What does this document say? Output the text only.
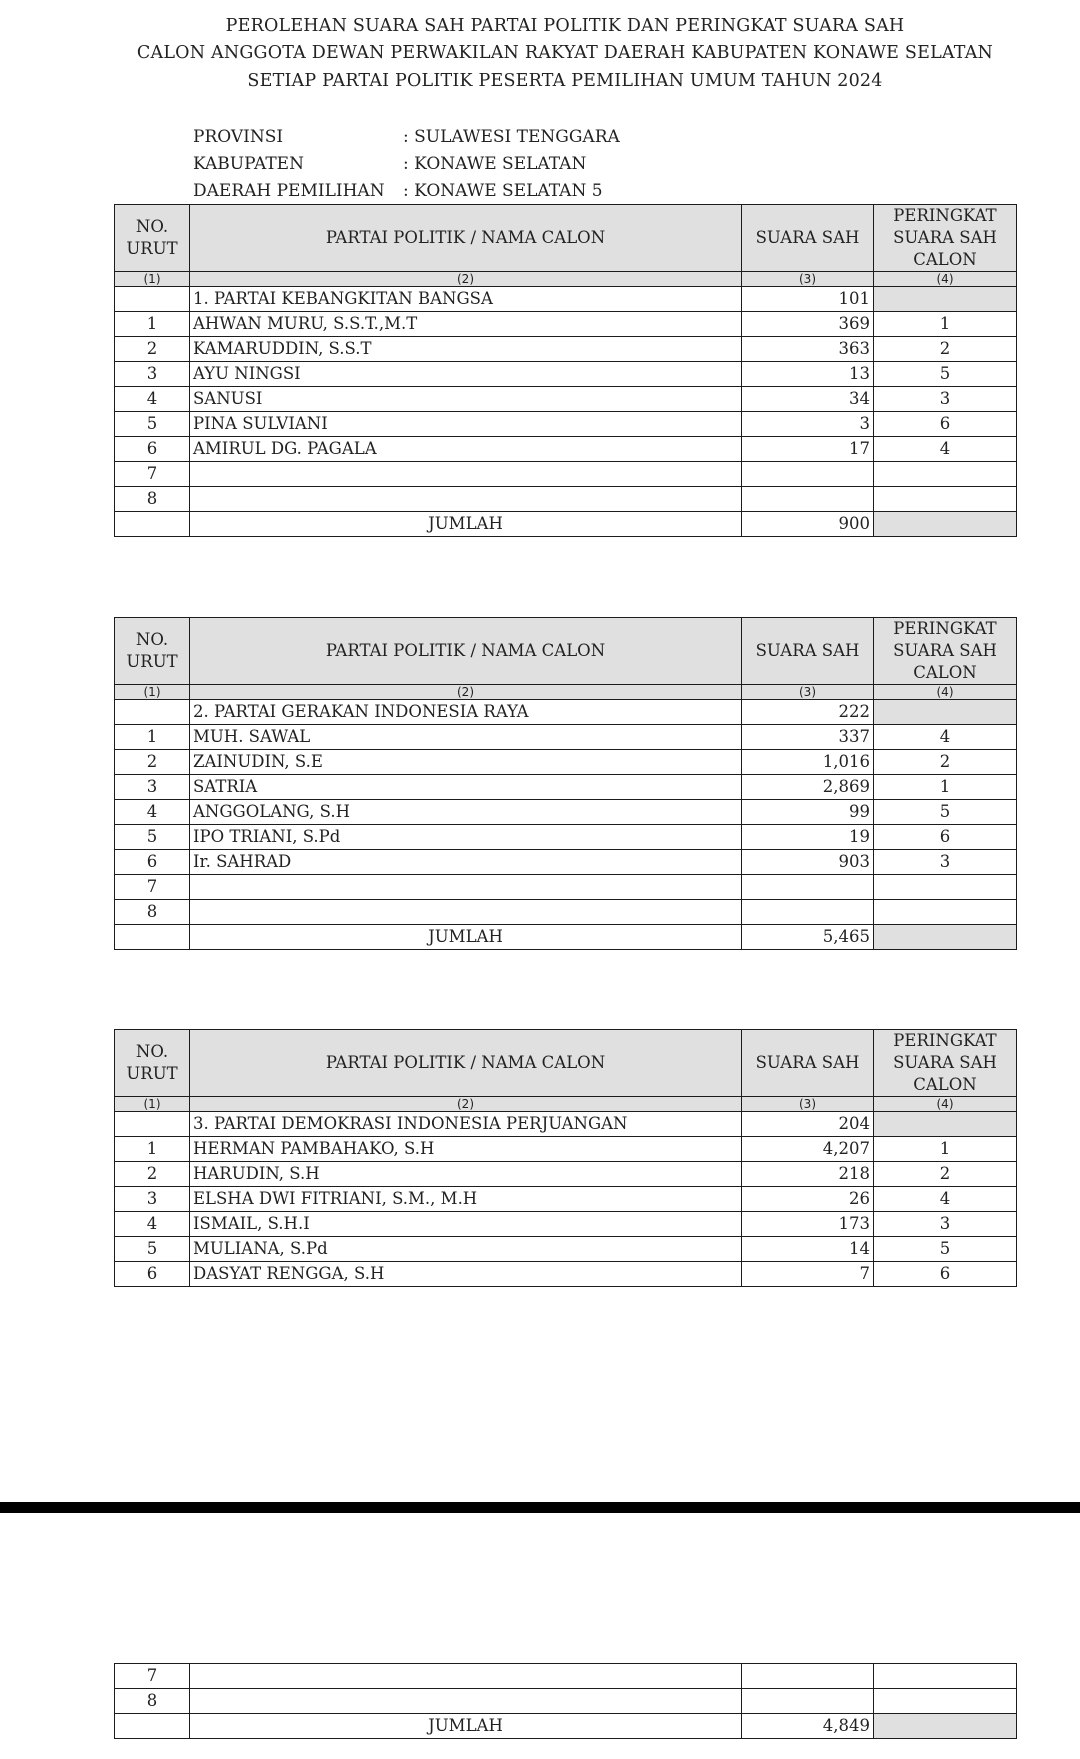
PEROLEHAN SUARA SAH PARTAI POLITIK DAN PERINGKAT SUARA SAH
CALON ANGGOTA DEWAN PERWAKILAN RAKYAT DAERAH KABUPATEN KONAWE SELATAN
SETIAP PARTAI POLITIK PESERTA PEMILIHAN UMUM TAHUN 2024
PROVINSI	: SULAWESI TENGGARA
KABUPATEN	: KONAWE SELATAN
DAERAH PEMILIHAN : KONAWE SELATAN 5
NO. URUT	PARTAI POLITIK / NAMA CALON	SUARA SAH	PERINGKAT SUARA SAH CALON
(1)	(2)	(3)	(4)
	1. PARTAI KEBANGKITAN BANGSA	101	
1	AHWAN MURU, S.S.T.,M.T	369	1
2	KAMARUDDIN, S.S.T	363	2
3	AYU NINGSI	13	5
4	SANUSI	34	3
5	PINA SULVIANI	3	6
6	AMIRUL DG. PAGALA	17	4
7			
8			
	JUMLAH	900	
NO. URUT	PARTAI POLITIK / NAMA CALON	SUARA SAH	PERINGKAT SUARA SAH CALON
(1)	(2)	(3)	(4)
	2. PARTAI GERAKAN INDONESIA RAYA	222	
1	MUH. SAWAL	337	4
2	ZAINUDIN, S.E	1,016	2
3	SATRIA	2,869	1
4	ANGGOLANG, S.H	99	5
5	IPO TRIANI, S.Pd	19	6
6	Ir. SAHRAD	903	3
7			
8			
	JUMLAH	5,465	
NO. URUT	PARTAI POLITIK / NAMA CALON	SUARA SAH	PERINGKAT SUARA SAH CALON
(1)	(2)	(3)	(4)
	3. PARTAI DEMOKRASI INDONESIA PERJUANGAN	204	
1	HERMAN PAMBAHAKO, S.H	4,207	1
2	HARUDIN, S.H	218	2
3	ELSHA DWI FITRIANI, S.M., M.H	26	4
4	ISMAIL, S.H.I	173	3
5	MULIANA, S.Pd	14	5
6	DASYAT RENGGA, S.H	7	6
7			
8			
	JUMLAH	4,849	
